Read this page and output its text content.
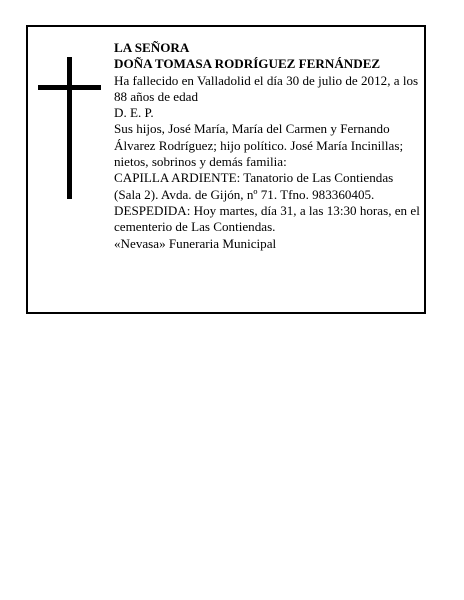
LA SEÑORA

DOÑA TOMASA RODRÍGUEZ FERNÁNDEZ

Ha fallecido en Valladolid el día 30 de julio de 2012, a los 88 años de edad

D. E. P.

Sus hijos, José María, María del Carmen y Fernando Álvarez Rodríguez; hijo político. José María Incinillas; nietos, sobrinos y demás familia:

CAPILLA ARDIENTE: Tanatorio de Las Contiendas (Sala 2). Avda. de Gijón, nº 71. Tfno. 983360405.

DESPEDIDA: Hoy martes, día 31, a las 13:30 horas, en el cementerio de Las Contiendas.

«Nevasa» Funeraria Municipal
